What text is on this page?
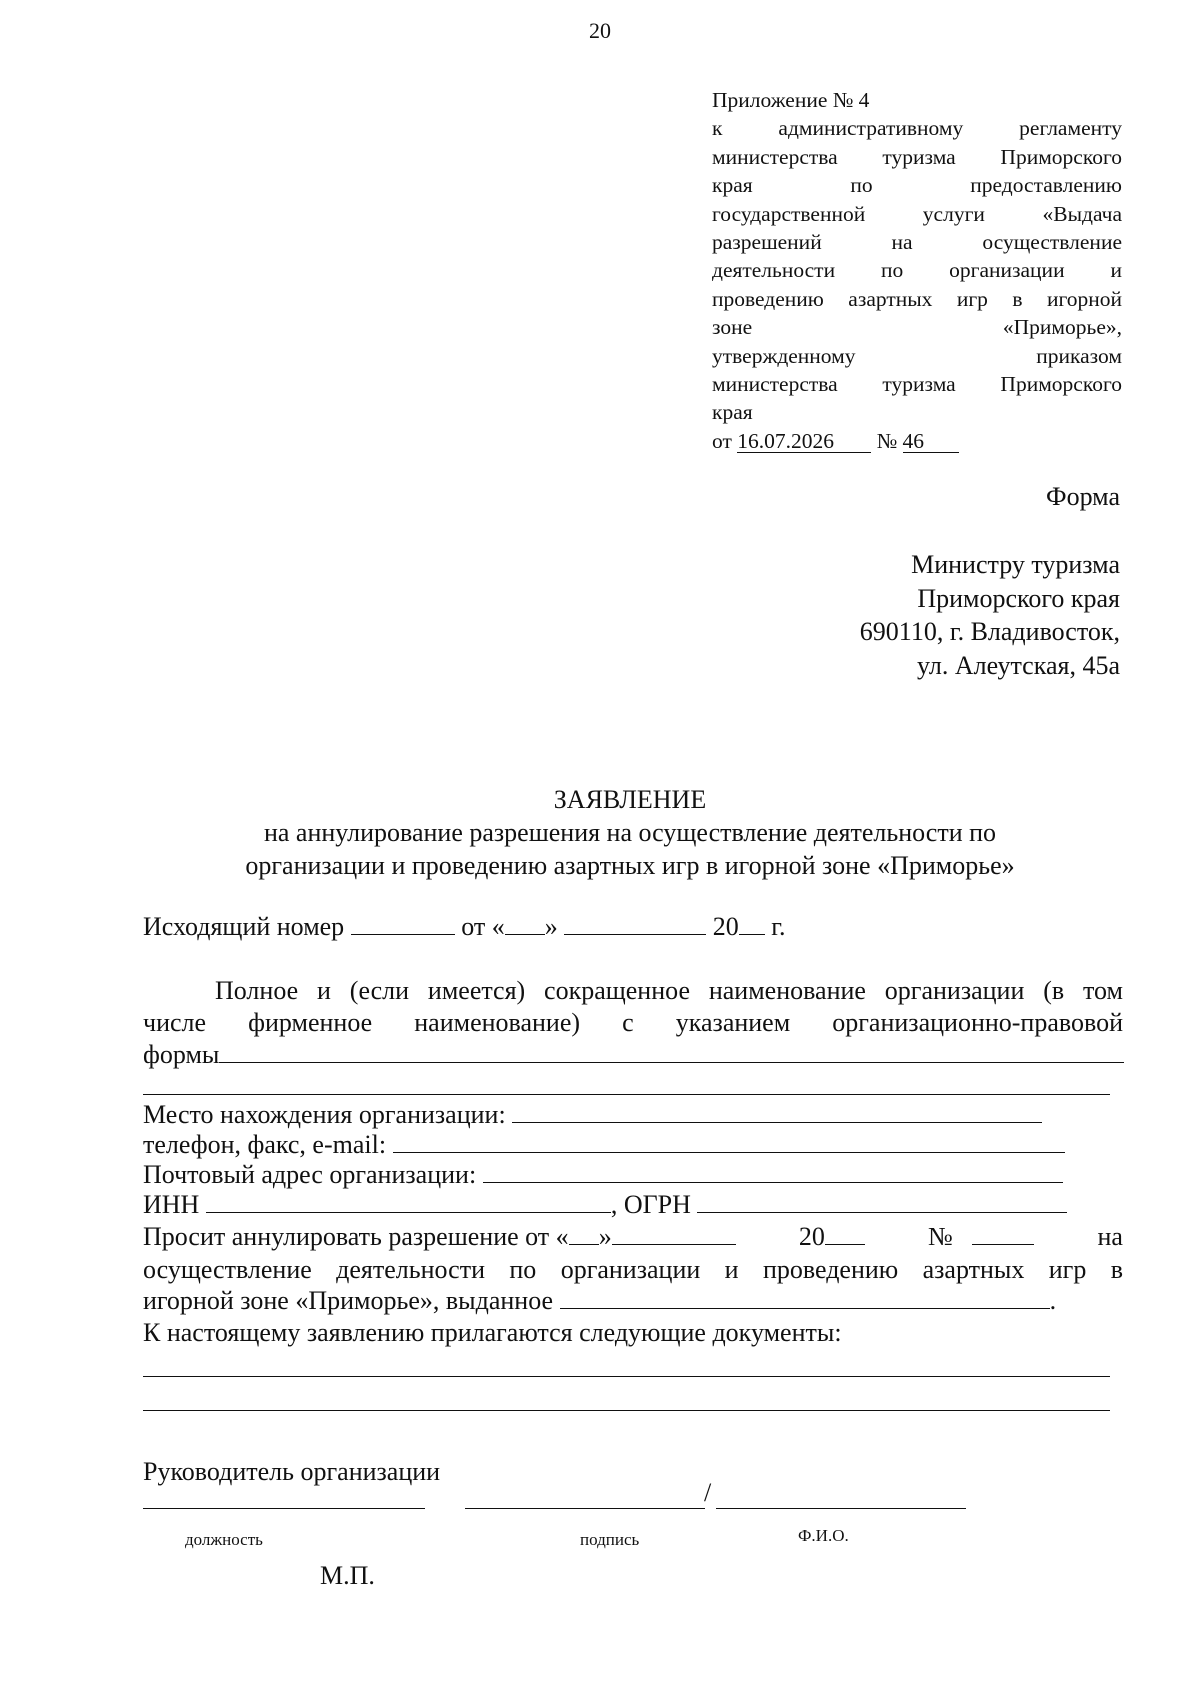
20
Приложение № 4
к административному регламенту
министерства туризма Приморского
края по предоставлению
государственной услуги «Выдача
разрешений на осуществление
деятельности по организации и
проведению азартных игр в игорной
зоне «Приморье»,
утвержденному приказом
министерства туризма Приморского
края
от 16.07.2026 № 46
Форма
Министру туризма
Приморского края
690110, г. Владивосток,
ул. Алеутская, 45а
ЗАЯВЛЕНИЕ
на аннулирование разрешения на осуществление деятельности по
организации и проведению азартных игр в игорной зоне «Приморье»
Исходящий номер	от « »	20 г.
Полное и (если имеется) сокращенное наименование организации (в том
числе фирменное наименование) с указанием организационно-правовой
формы
Место нахождения организации:
телефон, факс, e-mail:
Почтовый адрес организации:
ИНН	, ОГРН
Просит аннулировать разрешение от « »	20	№	на
осуществление деятельности по организации и проведению азартных игр в
игорной зоне «Приморье», выданное	.
К настоящему заявлению прилагаются следующие документы:
Руководитель организации
/
должность	подпись	Ф.И.О.
М.П.
